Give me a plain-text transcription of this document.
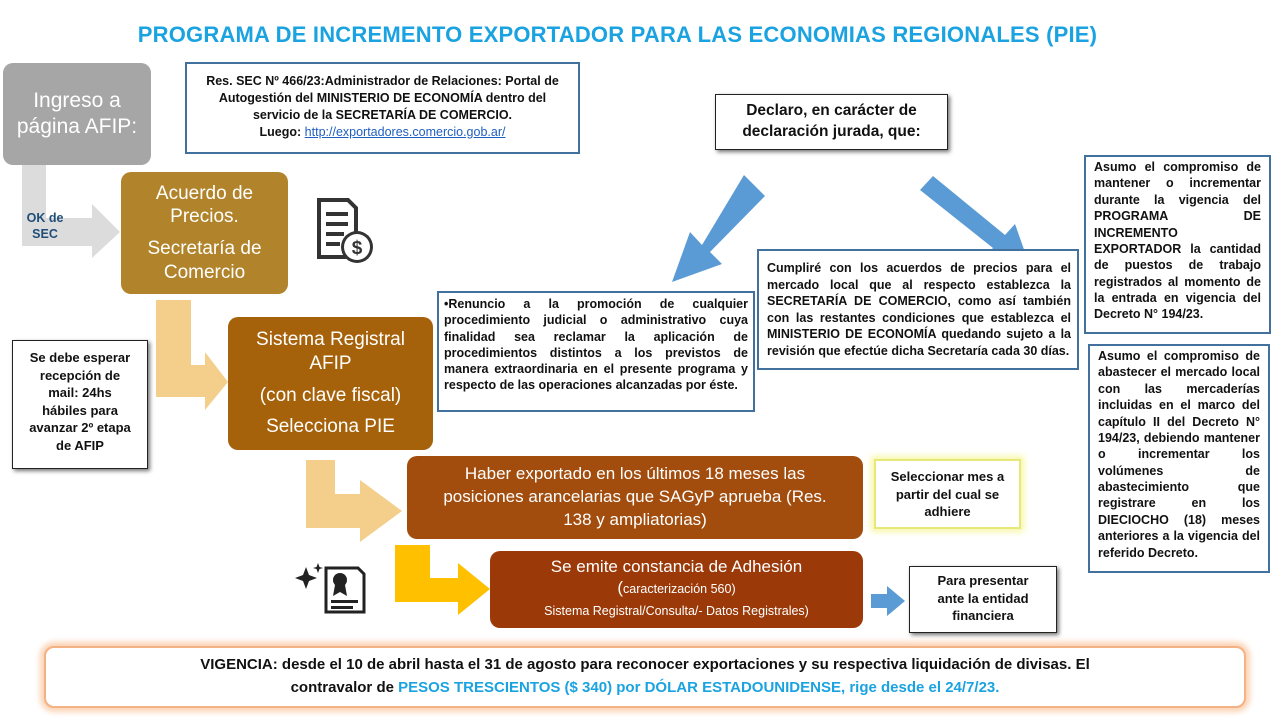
PROGRAMA DE INCREMENTO EXPORTADOR PARA LAS ECONOMIAS REGIONALES (PIE)
$
Ingreso a
página AFIP:
OK de
SEC
Res. SEC Nº 466/23:Administrador de Relaciones: Portal de
Autogestión del MINISTERIO DE ECONOMÍA dentro del
servicio de la SECRETARÍA DE COMERCIO.
Luego: http://exportadores.comercio.gob.ar/
Acuerdo de
Precios.
Secretaría de
Comercio
Declaro, en carácter de
declaración jurada, que:
Sistema Registral
AFIP
(con clave fiscal)
Selecciona PIE
•Renuncio a la promoción de cualquier procedimiento judicial o administrativo cuya finalidad sea reclamar la aplicación de procedimientos distintos a los previstos de manera extraordinaria en el presente programa y respecto de las operaciones alcanzadas por éste.
Cumpliré con los acuerdos de precios para el mercado local que al respecto establezca la SECRETARÍA DE COMERCIO, como así también con las restantes condiciones que establezca el MINISTERIO DE ECONOMÍA quedando sujeto a la revisión que efectúe dicha Secretaría cada 30 días.
Asumo el compromiso de mantener o incrementar durante la vigencia del PROGRAMA DE INCREMENTO EXPORTADOR la cantidad de puestos de trabajo registrados al momento de la entrada en vigencia del Decreto N° 194/23.
Asumo el compromiso de abastecer el mercado local con las mercaderías incluidas en el marco del capítulo II del Decreto N° 194/23, debiendo mantener o incrementar los volúmenes de abastecimiento que registrare en los DIECIOCHO (18) meses anteriores a la vigencia del referido Decreto.
Se debe esperar
recepción de
mail: 24hs
hábiles para
avanzar 2º etapa
de AFIP
Haber exportado en los últimos 18 meses las
posiciones arancelarias que SAGyP aprueba (Res.
138 y ampliatorias)
Seleccionar mes a
partir del cual se
adhiere
Se emite constancia de Adhesión
(caracterización 560)
Sistema Registral/Consulta/- Datos Registrales)
Para presentar
ante la entidad
financiera
VIGENCIA: desde el 10 de abril hasta el 31 de agosto para reconocer exportaciones y su respectiva liquidación de divisas. El
contravalor de PESOS TRESCIENTOS ($ 340) por DÓLAR ESTADOUNIDENSE, rige desde el 24/7/23.
